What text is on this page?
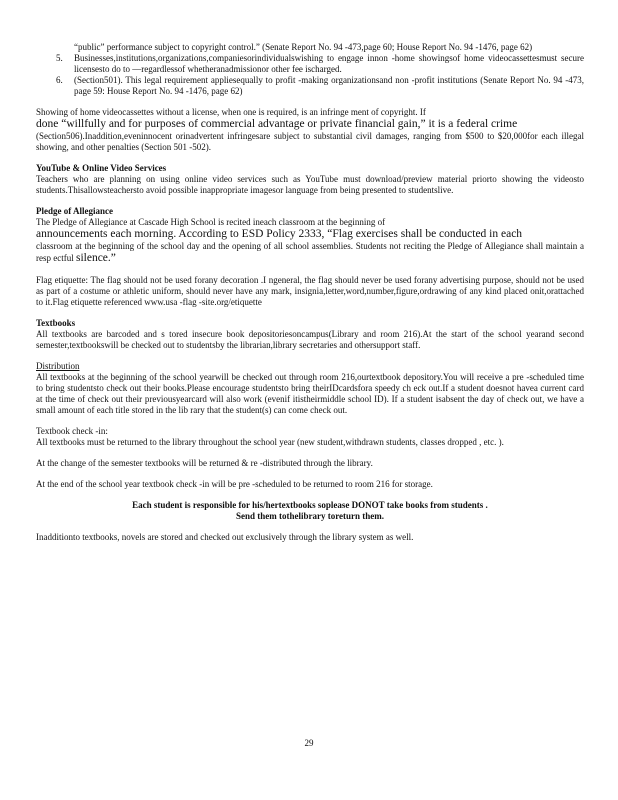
“public” performance subject to copyright control.” (Senate Report No. 94 -473,page 60; House Report No. 94 -1476, page 62)

5. Businesses,institutions,organizations,companiesorindividualswishing to engage innon -home showingsof home videocassettesmust secure licensesto do to —regardlessof whetheranadmissionor other fee ischarged.

6. (Section501). This legal requirement appliesequally to profit -making organizationsand non -profit institutions (Senate Report No. 94 -473, page 59: House Report No. 94 -1476, page 62)

Showing of home videocassettes without a license, when one is required, is an infringe ment of copyright. If

done “willfully and for purposes of commercial advantage or private financial gain,” it is a federal crime

(Section506).Inaddition,eveninnocent orinadvertent infringesare subject to substantial civil damages, ranging from $500 to $20,000for each illegal showing, and other penalties (Section 501 -502).

YouTube & Online Video Services

Teachers who are planning on using online video services such as YouTube must download/preview material priorto showing the videosto students.Thisallowsteachersto avoid possible inappropriate imagesor language from being presented to studentslive.

Pledge of Allegiance

The Pledge of Allegiance at Cascade High School is recited ineach classroom at the beginning of

announcements each morning. According to ESD Policy 2333, “Flag exercises shall be conducted in each

classroom at the beginning of the school day and the opening of all school assemblies. Students not reciting the Pledge of Allegiance shall maintain a resp ectful silence.”

Flag etiquette: The flag should not be used forany decoration .I ngeneral, the flag should never be used forany advertising purpose, should not be used as part of a costume or athletic uniform, should never have any mark, insignia,letter,word,number,figure,ordrawing of any kind placed onit,orattached to it.Flag etiquette referenced www.usa -flag -site.org/etiquette

Textbooks

All textbooks are barcoded and s tored insecure book depositoriesoncampus(Library and room 216).At the start of the school yearand second semester,textbookswill be checked out to studentsby the librarian,library secretaries and othersupport staff.

Distribution

All textbooks at the beginning of the school yearwill be checked out through room 216,ourtextbook depository.You will receive a pre -scheduled time to bring studentsto check out their books.Please encourage studentsto bring theirIDcardsfora speedy ch eck out.If a student doesnot havea current card at the time of check out their previousyearcard will also work (evenif itistheirmiddle school ID). If a student isabsent the day of check out, we have a small amount of each title stored in the lib rary that the student(s) can come check out.

Textbook check -in:

All textbooks must be returned to the library throughout the school year (new student,withdrawn students, classes dropped , etc. ).

At the change of the semester textbooks will be returned & re -distributed through the library.

At the end of the school year textbook check -in will be pre -scheduled to be returned to room 216 for storage.

Each student is responsible for his/hertextbooks soplease DONOT take books from students .

Send them tothelibrary toreturn them.

Inadditionto textbooks, novels are stored and checked out exclusively through the library system as well.

29
